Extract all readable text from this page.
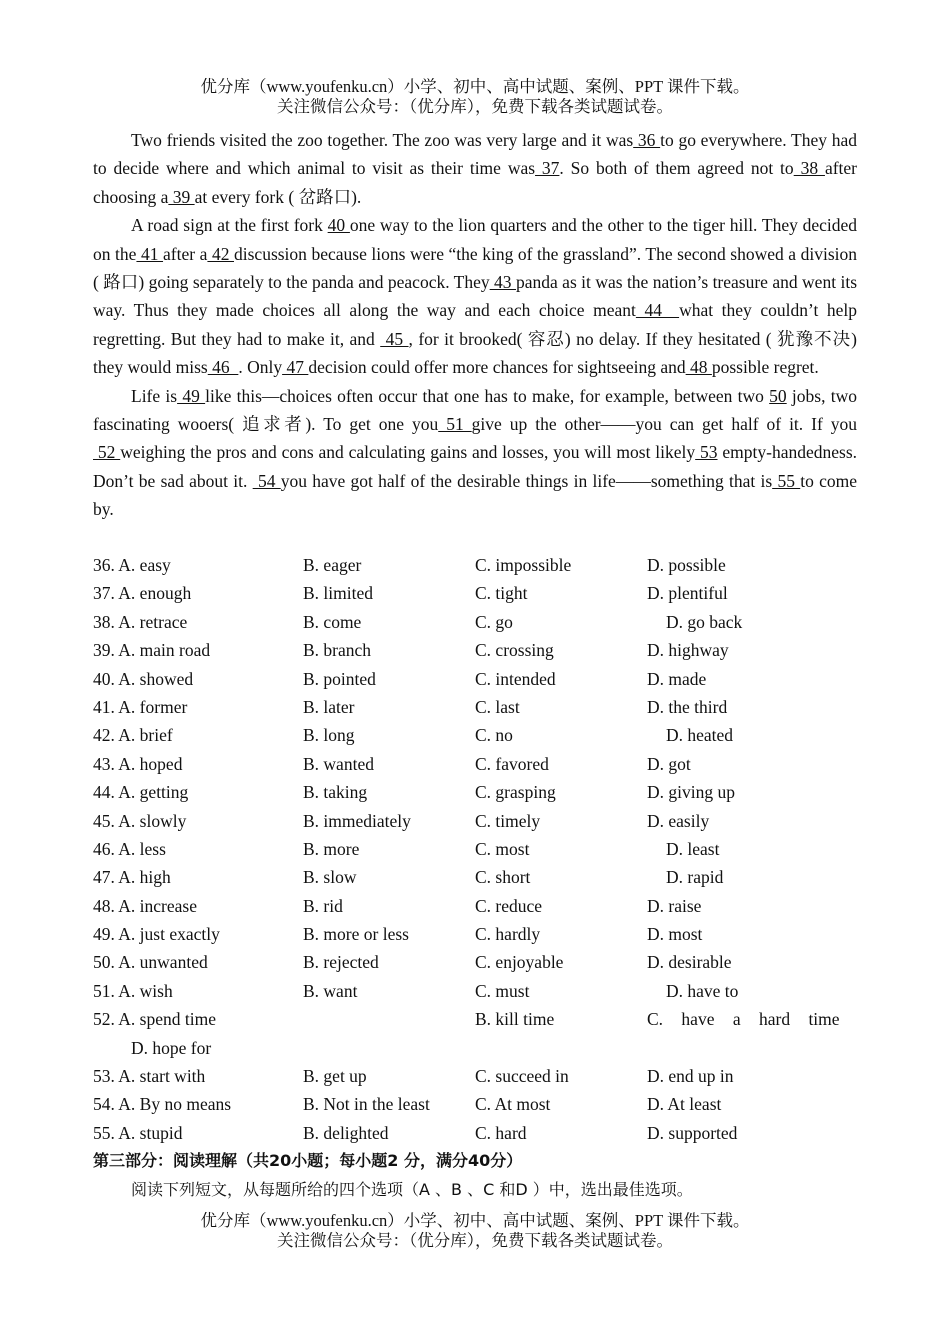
优分库（www.youfenku.cn）小学、初中、高中试题、案例、PPT 课件下载。
关注微信公众号：（优分库），免费下载各类试题试卷。

Two friends visited the zoo together. The zoo was very large and it was 36 to go everywhere. They had to decide where and which animal to visit as their time was 37. So both of them agreed not to 38 after choosing a 39 at every fork ( 岔路口).

A road sign at the first fork 40 one way to the lion quarters and the other to the tiger hill. They decided on the 41 after a 42 discussion because lions were “the king of the grassland”. The second showed a division ( 路口) going separately to the panda and peacock. They 43 panda as it was the nation’s treasure and went its way. Thus they made choices all along the way and each choice meant 44  what they couldn’t help regretting. But they had to make it, and  45 , for it brooked( 容忍) no delay. If they hesitated ( 犹豫不决) they would miss 46  . Only 47 decision could offer more chances for sightseeing and 48 possible regret.

Life is 49 like this—choices often occur that one has to make, for example, between two 50 jobs, two fascinating wooers( 追求者). To get one you 51 give up the other——you can get half of it. If you 52 weighing the pros and cons and calculating gains and losses, you will most likely 53 empty-handedness. Don’t be sad about it.  54 you have got half of the desirable things in life——something that is 55 to come by.

36. A. easy	B. eager	C. impossible	D. possible
37. A. enough	B. limited	C. tight	D. plentiful
38. A. retrace	B. come	C. go	D. go back
39. A. main road	B. branch	C. crossing	D. highway
40. A. showed	B. pointed	C. intended	D. made
41. A. former	B. later	C. last	D. the third
42. A. brief	B. long	C. no	D. heated
43. A. hoped	B. wanted	C. favored	D. got
44. A. getting	B. taking	C. grasping	D. giving up
45. A. slowly	B. immediately	C. timely	D. easily
46. A. less	B. more	C. most	D. least
47. A. high	B. slow	C. short	D. rapid
48. A. increase	B. rid	C. reduce	D. raise
49. A. just exactly	B. more or less	C. hardly	D. most
50. A. unwanted	B. rejected	C. enjoyable	D. desirable
51. A. wish	B. want	C. must	D. have to
52. A. spend time	B. kill time	C. have a hard time
D. hope for
53. A. start with	B. get up	C. succeed in	D. end up in
54. A. By no means	B. Not in the least	C. At most	D. At least
55. A. stupid	B. delighted	C. hard	D. supported
第三部分：阅读理解（共20小题；每小题2 分，满分40分）
阅读下列短文，从每题所给的四个选项（A 、B 、C 和D ）中，选出最佳选项。
优分库（www.youfenku.cn）小学、初中、高中试题、案例、PPT 课件下载。
关注微信公众号：（优分库），免费下载各类试题试卷。
